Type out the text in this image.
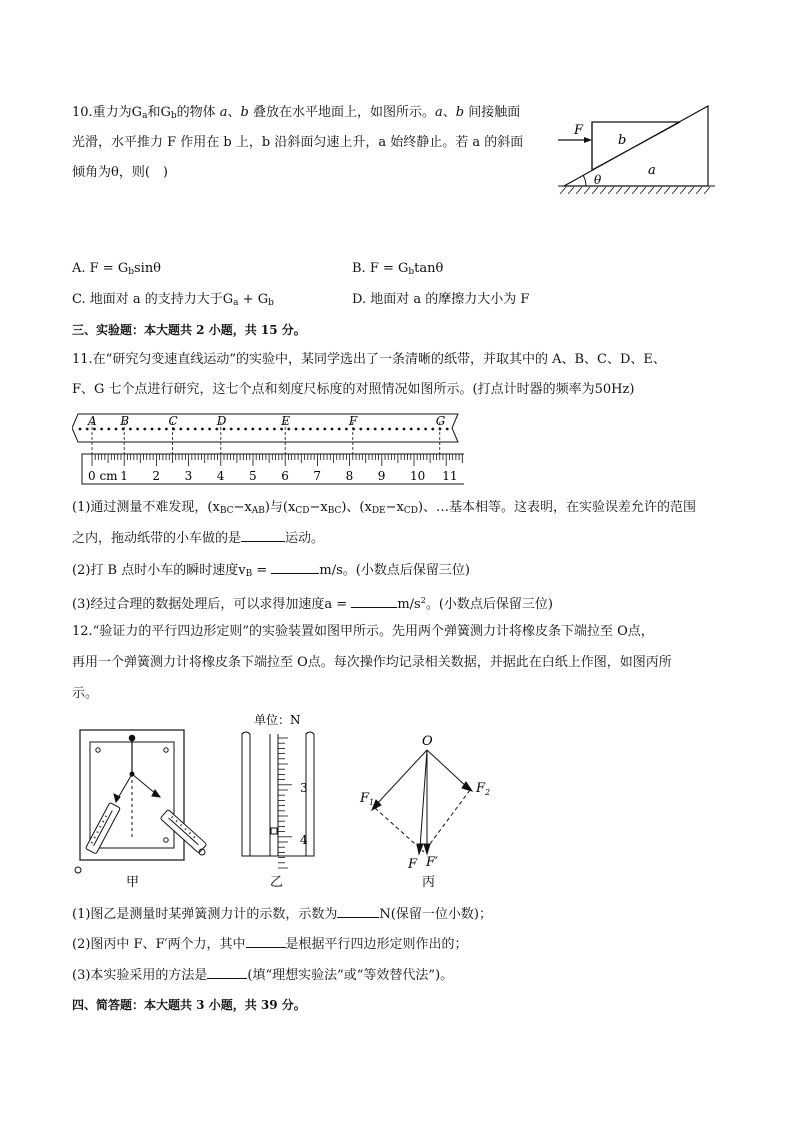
10.重力为$G_a$和$G_b$的物体 a、b 叠放在水平地面上，如图所示。a、b 间接触面
光滑，水平推力 F 作用在 b 上，b 沿斜面匀速上升，a 始终静止。若 a 的斜面
倾角为θ，则(　)
F
b
a
θ
A. $F = G_b\sin\theta$	B. $F = G_b\tan\theta$
C. 地面对 a 的支持力大于$G_a + G_b$	D. 地面对 a 的摩擦力大小为 F
三、实验题：本大题共 2 小题，共 15 分。
11.在“研究匀变速直线运动”的实验中，某同学选出了一条清晰的纸带，并取其中的 A、B、C、D、E、
F、G 七个点进行研究，这七个点和刻度尺标度的对照情况如图所示。(打点计时器的频率为50Hz)
A B	C	D	E	F	G
0 cm 1 2 3 4 5 6 7 8 9 10 11
(1)通过测量不难发现，$(x_{BC}-x_{AB})$与$(x_{CD}-x_{BC})$、$(x_{DE}-x_{CD})$、…基本相等。这表明，在实验误差允许的范围
之内，拖动纸带的小车做的是	运动。
(2)打 B 点时小车的瞬时速度$v_B$ =	m/s。(小数点后保留三位)
(3)经过合理的数据处理后，可以求得加速度a =	$m/s^2$。(小数点后保留三位)
12.“验证力的平行四边形定则”的实验装置如图甲所示。先用两个弹簧测力计将橡皮条下端拉至 O点，
再用一个弹簧测力计将橡皮条下端拉至 O点。每次操作均记录相关数据，并据此在白纸上作图，如图丙所
示。
甲
单位：N
3
4
乙
O
$F_1$
$F_2$
F F′
丙
(1)图乙是测量时某弹簧测力计的示数，示数为	N(保留一位小数)；
(2)图丙中 F、F′两个力，其中	是根据平行四边形定则作出的；
(3)本实验采用的方法是	(填“理想实验法”或“等效替代法”)。
四、简答题：本大题共 3 小题，共 39 分。
